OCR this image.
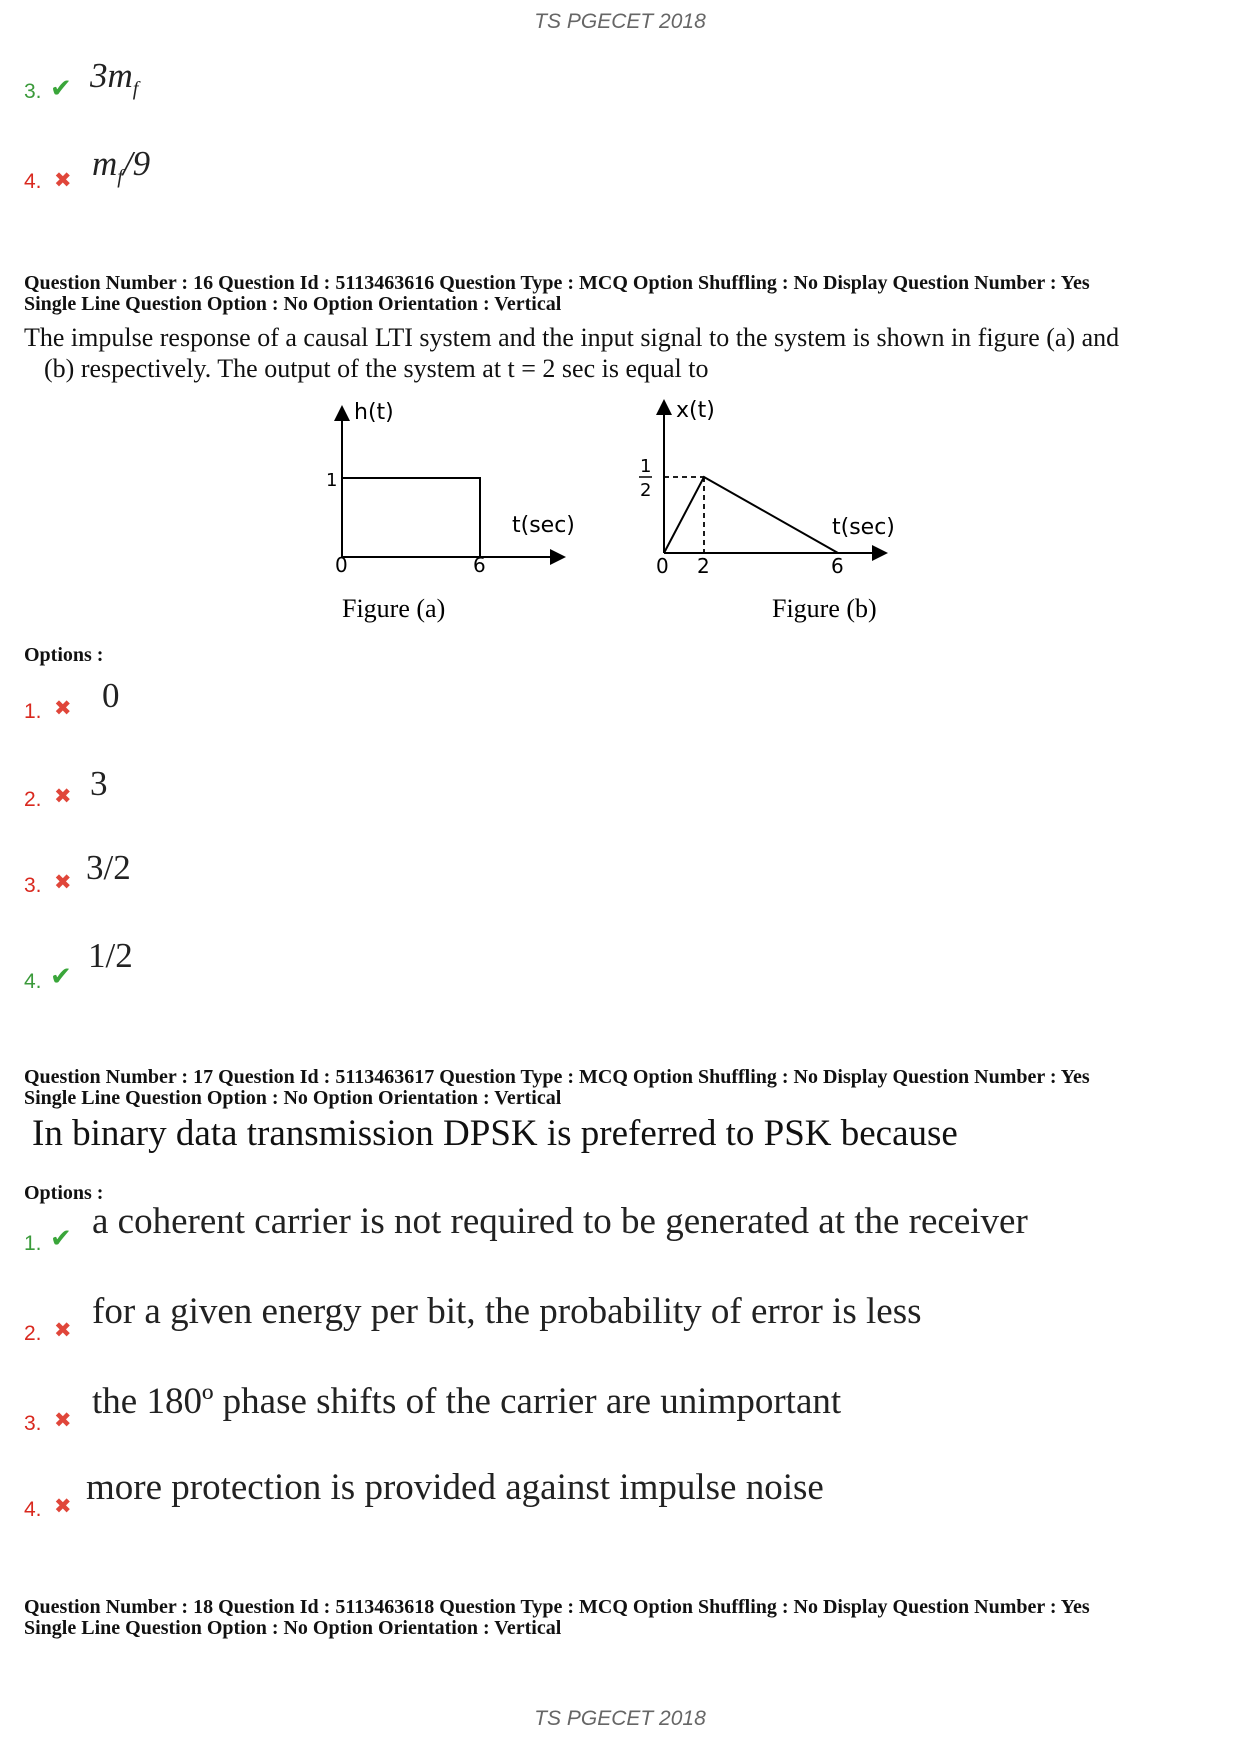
TS PGECET 2018
3. ✔ $3m_f$
4. ✖ $m_f/9$
Question Number : 16 Question Id : 5113463616 Question Type : MCQ Option Shuffling : No Display Question Number : Yes
Single Line Question Option : No Option Orientation : Vertical
The impulse response of a causal LTI system and the input signal to the system is shown in figure (a) and
(b) respectively. The output of the system at t = 2 sec is equal to
h(t)
1
t(sec)
0	6
Figure (a)
x(t)
1
2
t(sec)
0 2	6
Figure (b)
Options :
1. ✖ 0
2. ✖ 3
3. ✖ 3/2
4. ✔
1/2
Question Number : 17 Question Id : 5113463617 Question Type : MCQ Option Shuffling : No Display Question Number : Yes
Single Line Question Option : No Option Orientation : Vertical
In binary data transmission DPSK is preferred to PSK because
Options :
1. ✔ a coherent carrier is not required to be generated at the receiver
2. ✖ for a given energy per bit, the probability of error is less
3. ✖ the 180º phase shifts of the carrier are unimportant
4. ✖ more protection is provided against impulse noise
Question Number : 18 Question Id : 5113463618 Question Type : MCQ Option Shuffling : No Display Question Number : Yes
Single Line Question Option : No Option Orientation : Vertical
TS PGECET 2018
